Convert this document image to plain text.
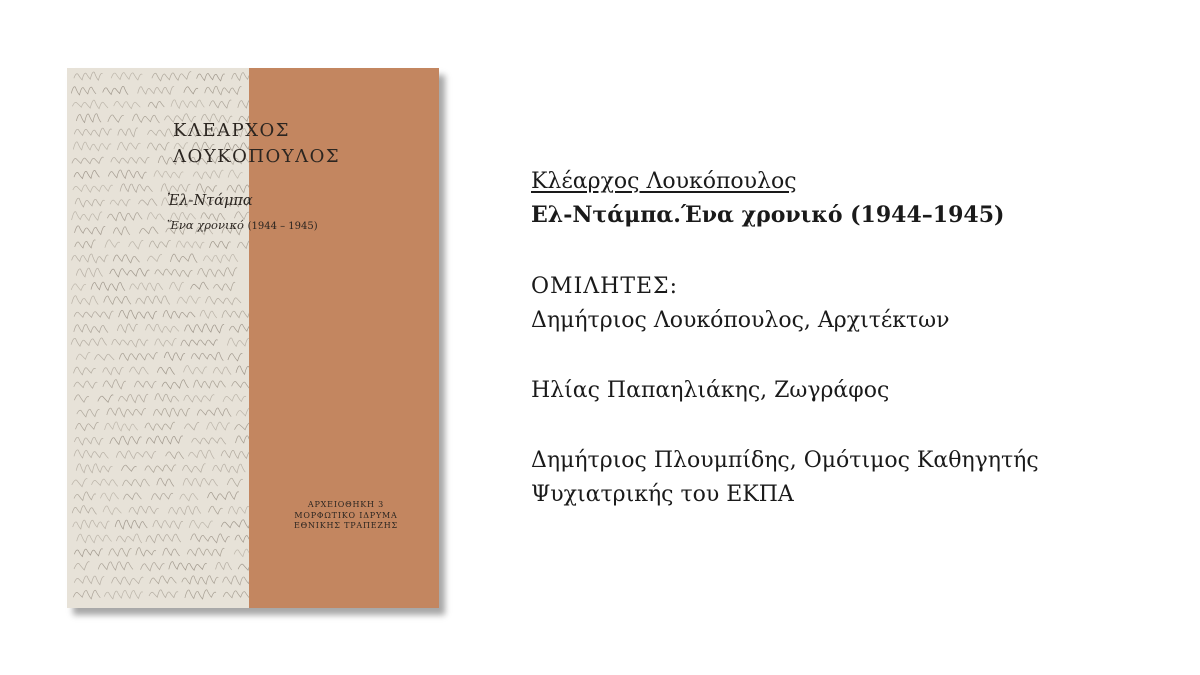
ΚΛΕΑΡΧΟΣ
ΛΟΥΚΟΠΟΥΛΟΣ
Ἐλ-Ντάμπα
Ἕνα χρονικό (1944 – 1945)
ΑΡΧΕΙΟΘΗΚΗ 3
ΜΟΡΦΩΤΙΚΟ ΙΔΡΥΜΑ
ΕΘΝΙΚΗΣ ΤΡΑΠΕΖΗΣ
Κλέαρχος Λουκόπουλος
Ελ-Ντάμπα.Ένα χρονικό (1944–1945)
ΟΜΙΛΗΤΕΣ:
Δημήτριος Λουκόπουλος, Αρχιτέκτων
Ηλίας Παπαηλιάκης, Ζωγράφος
Δημήτριος Πλουμπίδης, Ομότιμος Καθηγητής
Ψυχιατρικής του ΕΚΠΑ
